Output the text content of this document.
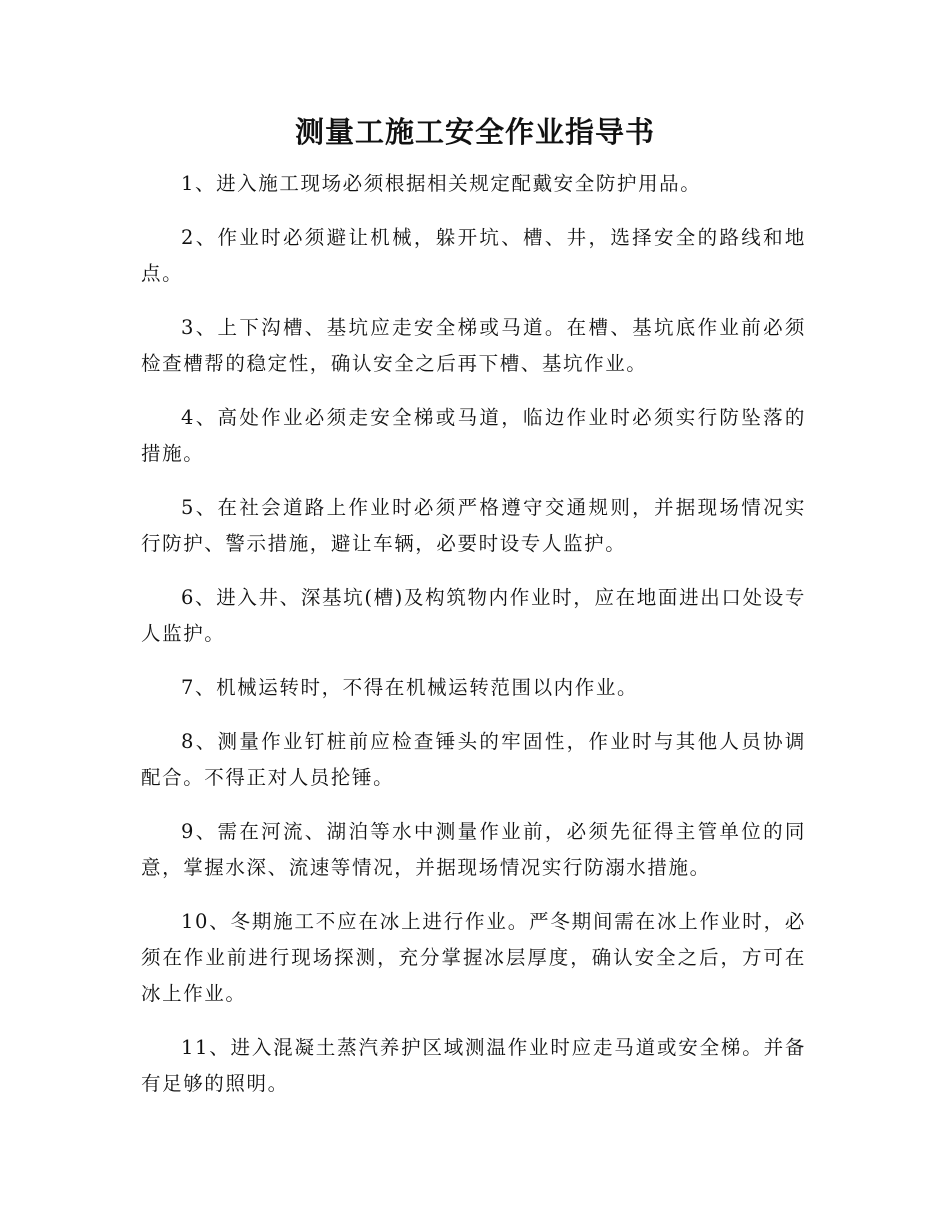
测量工施工安全作业指导书

1、进入施工现场必须根据相关规定配戴安全防护用品。

2、作业时必须避让机械，躲开坑、槽、井，选择安全的路线和地点。

3、上下沟槽、基坑应走安全梯或马道。在槽、基坑底作业前必须检查槽帮的稳定性，确认安全之后再下槽、基坑作业。

4、高处作业必须走安全梯或马道，临边作业时必须实行防坠落的措施。

5、在社会道路上作业时必须严格遵守交通规则，并据现场情况实行防护、警示措施，避让车辆，必要时设专人监护。

6、进入井、深基坑(槽)及构筑物内作业时，应在地面进出口处设专人监护。

7、机械运转时，不得在机械运转范围以内作业。

8、测量作业钉桩前应检查锤头的牢固性，作业时与其他人员协调配合。不得正对人员抡锤。

9、需在河流、湖泊等水中测量作业前，必须先征得主管单位的同意，掌握水深、流速等情况，并据现场情况实行防溺水措施。

10、冬期施工不应在冰上进行作业。严冬期间需在冰上作业时，必须在作业前进行现场探测，充分掌握冰层厚度，确认安全之后，方可在冰上作业。

11、进入混凝土蒸汽养护区域测温作业时应走马道或安全梯。并备有足够的照明。
